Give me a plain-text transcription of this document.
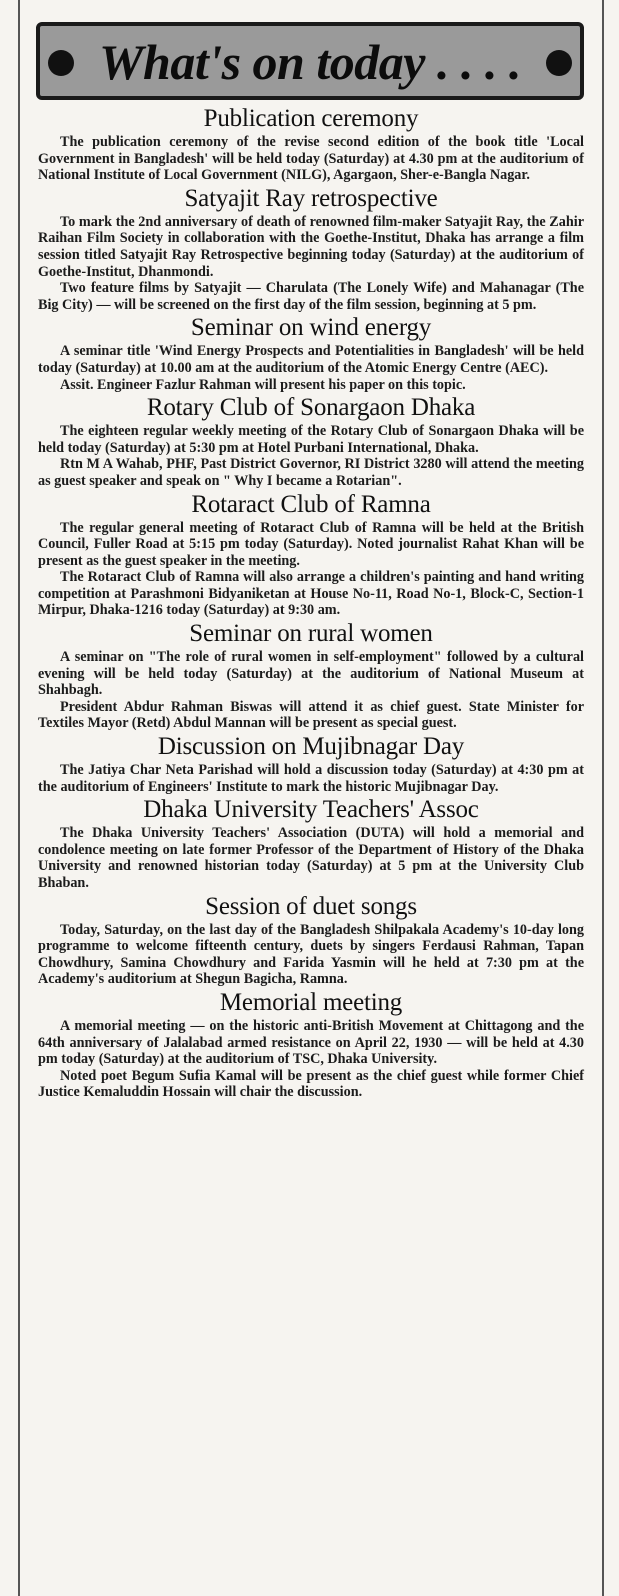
What's on today . . . .
Publication ceremony

The publication ceremony of the revise second edition of the book title 'Local Government in Bangladesh' will be held today (Saturday) at 4.30 pm at the auditorium of National Institute of Local Government (NILG), Agargaon, Sher-e-Bangla Nagar.

Satyajit Ray retrospective

To mark the 2nd anniversary of death of renowned film-maker Satyajit Ray, the Zahir Raihan Film Society in collaboration with the Goethe-Institut, Dhaka has arrange a film session titled Satyajit Ray Retrospective beginning today (Saturday) at the auditorium of Goethe-Institut, Dhanmondi.

Two feature films by Satyajit — Charulata (The Lonely Wife) and Mahanagar (The Big City) — will be screened on the first day of the film session, beginning at 5 pm.

Seminar on wind energy

A seminar title 'Wind Energy Prospects and Potentialities in Bangladesh' will be held today (Saturday) at 10.00 am at the auditorium of the Atomic Energy Centre (AEC).

Assit. Engineer Fazlur Rahman will present his paper on this topic.

Rotary Club of Sonargaon Dhaka

The eighteen regular weekly meeting of the Rotary Club of Sonargaon Dhaka will be held today (Saturday) at 5:30 pm at Hotel Purbani International, Dhaka.

Rtn M A Wahab, PHF, Past District Governor, RI District 3280 will attend the meeting as guest speaker and speak on " Why I became a Rotarian".

Rotaract Club of Ramna

The regular general meeting of Rotaract Club of Ramna will be held at the British Council, Fuller Road at 5:15 pm today (Saturday). Noted journalist Rahat Khan will be present as the guest speaker in the meeting.

The Rotaract Club of Ramna will also arrange a children's painting and hand writing competition at Parashmoni Bidyaniketan at House No-11, Road No-1, Block-C, Section-1 Mirpur, Dhaka-1216 today (Saturday) at 9:30 am.

Seminar on rural women

A seminar on "The role of rural women in self-employment" followed by a cultural evening will be held today (Saturday) at the auditorium of National Museum at Shahbagh.

President Abdur Rahman Biswas will attend it as chief guest. State Minister for Textiles Mayor (Retd) Abdul Mannan will be present as special guest.

Discussion on Mujibnagar Day

The Jatiya Char Neta Parishad will hold a discussion today (Saturday) at 4:30 pm at the auditorium of Engineers' Institute to mark the historic Mujibnagar Day.

Dhaka University Teachers' Assoc

The Dhaka University Teachers' Association (DUTA) will hold a memorial and condolence meeting on late former Professor of the Department of History of the Dhaka University and renowned historian today (Saturday) at 5 pm at the University Club Bhaban.

Session of duet songs

Today, Saturday, on the last day of the Bangladesh Shilpakala Academy's 10-day long programme to welcome fifteenth century, duets by singers Ferdausi Rahman, Tapan Chowdhury, Samina Chowdhury and Farida Yasmin will he held at 7:30 pm at the Academy's auditorium at Shegun Bagicha, Ramna.

Memorial meeting

A memorial meeting — on the historic anti-British Movement at Chittagong and the 64th anniversary of Jalalabad armed resistance on April 22, 1930 — will be held at 4.30 pm today (Saturday) at the auditorium of TSC, Dhaka University.

Noted poet Begum Sufia Kamal will be present as the chief guest while former Chief Justice Kemaluddin Hossain will chair the discussion.
